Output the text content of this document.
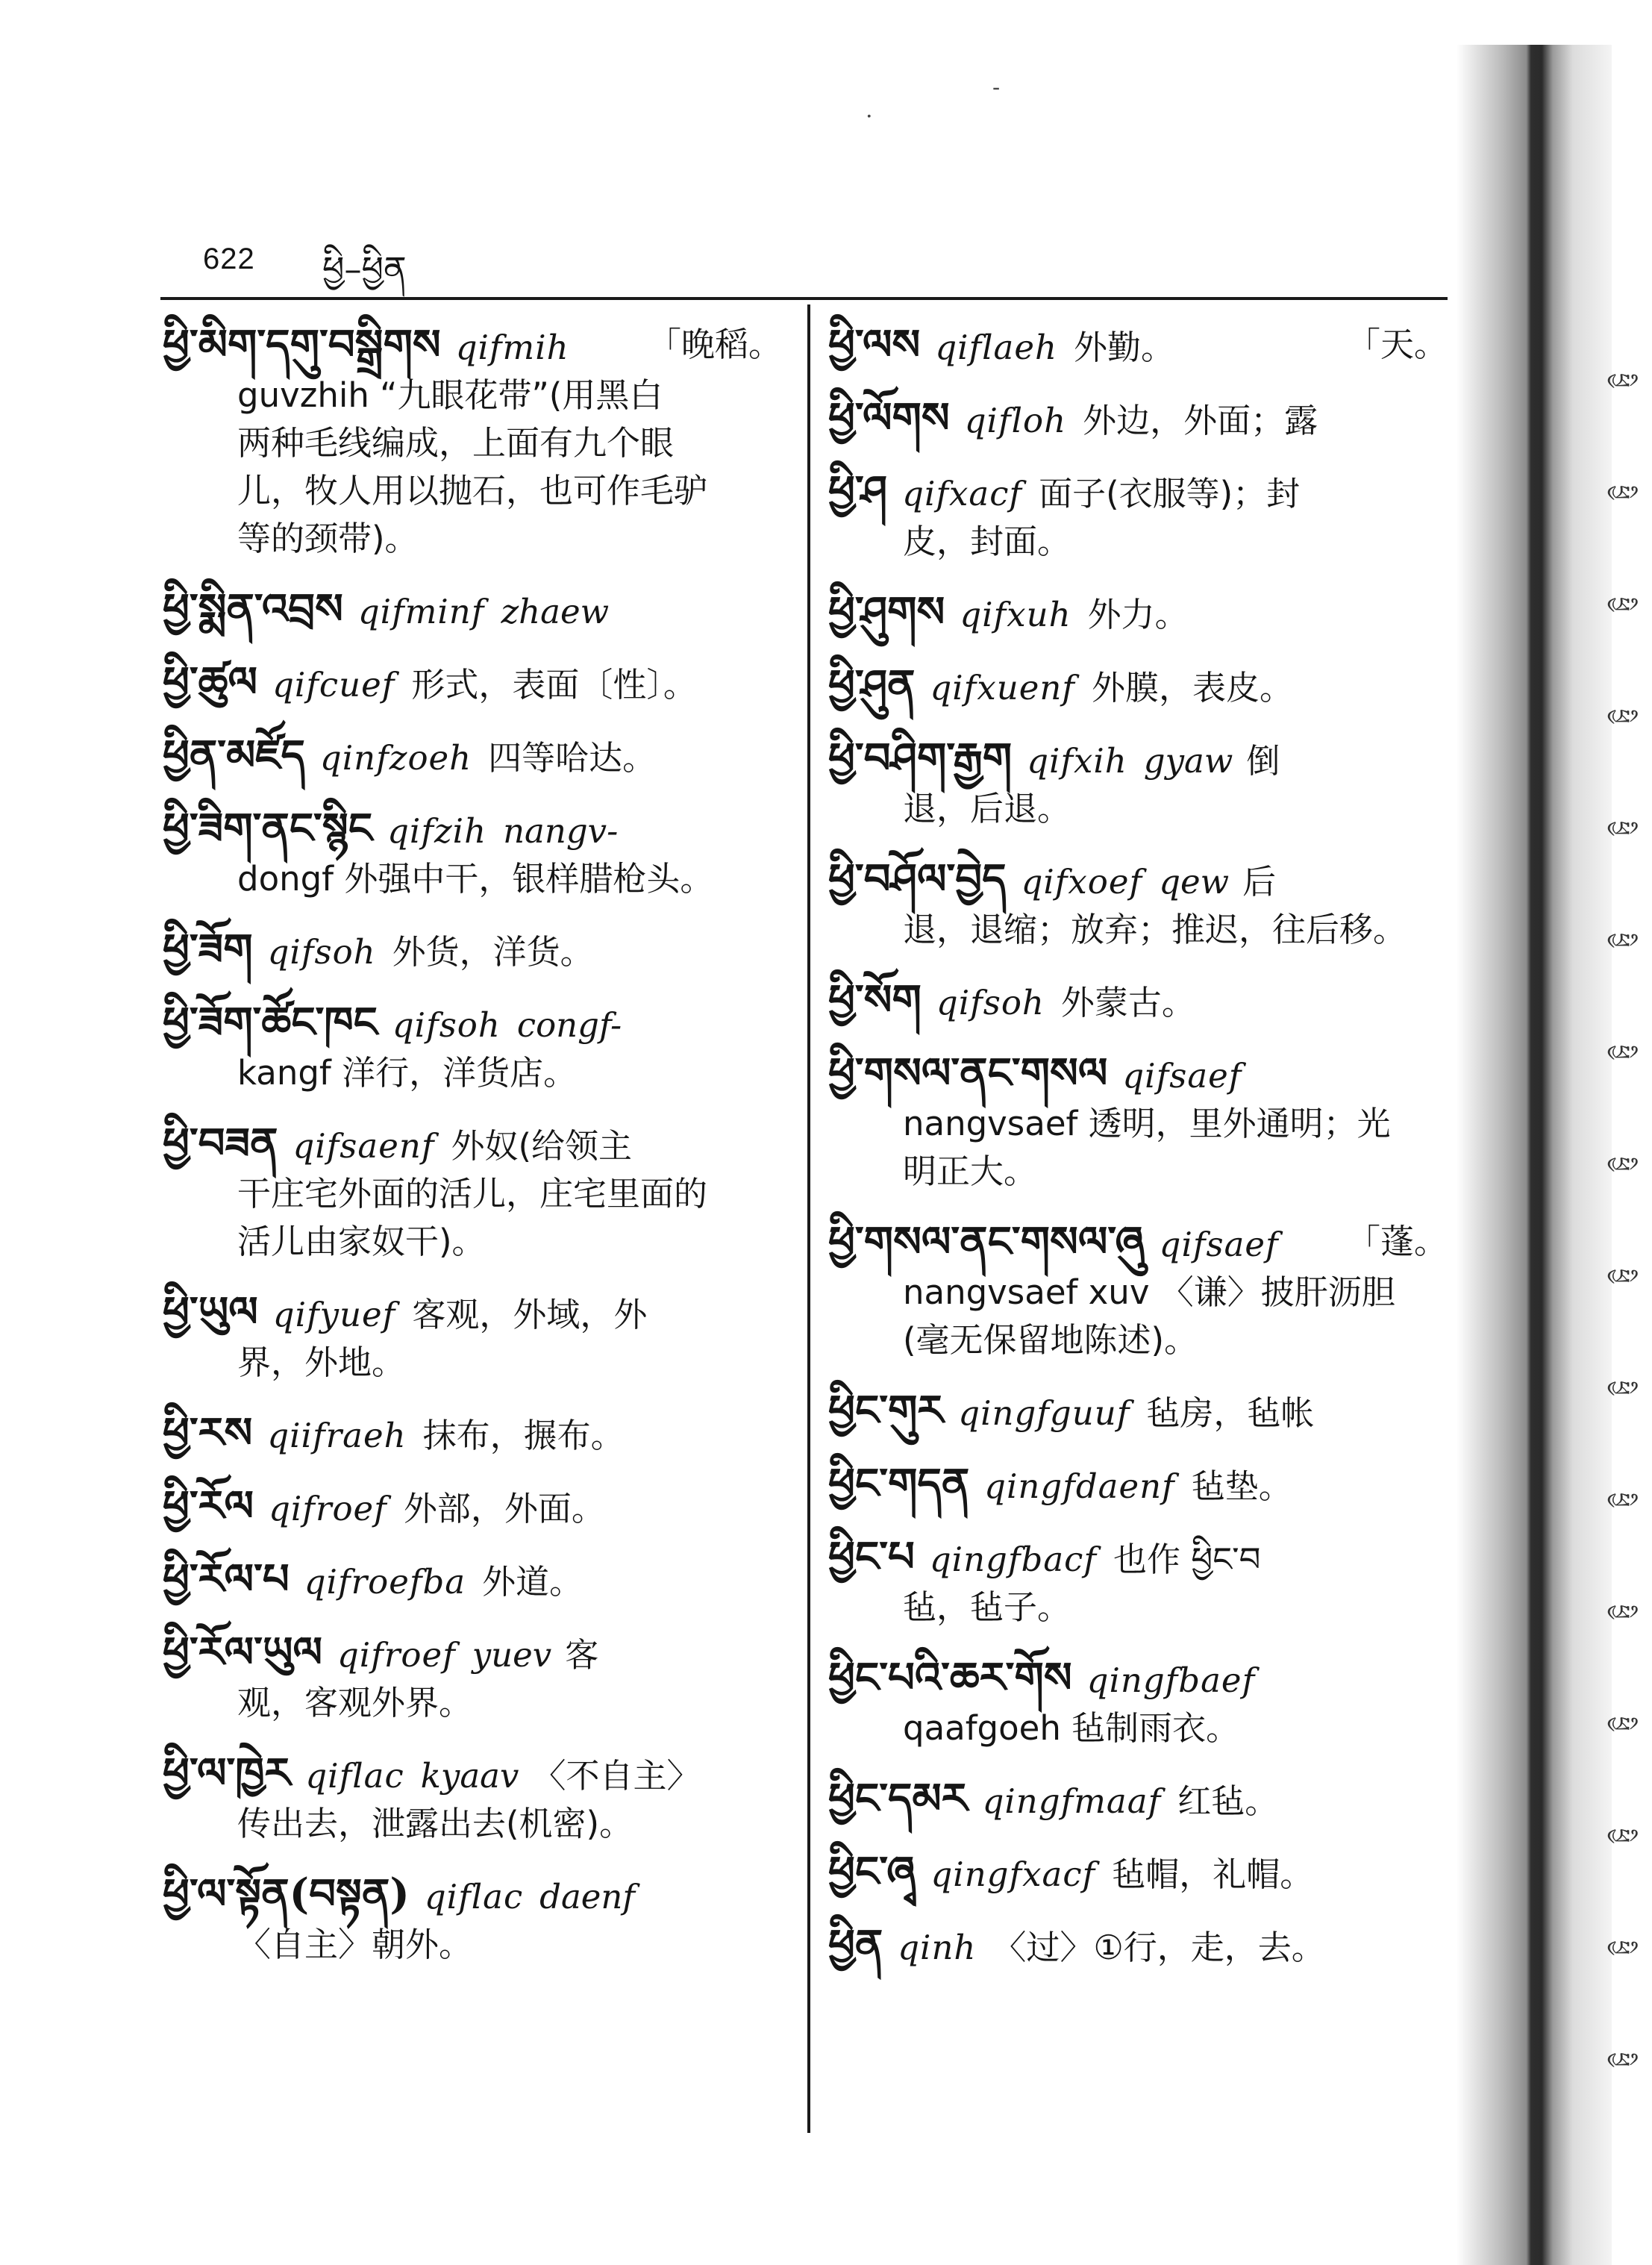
-
.
622 ཕྱི–ཕྱིན
「晚稻。
ཕྱི་མིག་དགུ་བསྒྲིགས qifmih
guvzhih “九眼花带”(用黑白
两种毛线编成，上面有九个眼
儿，牧人用以抛石，也可作毛驴
等的颈带)。
ཕྱི་སྨིན་འབྲས qifminf zhaew
ཕྱི་ཚུལ qifcuef 形式，表面〔性〕。
ཕྱིན་མཛོད qinfzoeh 四等哈达。
ཕྱི་ཟིག་ནང་སྙིང qifzih nangv-
dongf 外强中干，银样腊枪头。
ཕྱི་ཟོག qifsoh 外货，洋货。
ཕྱི་ཟོག་ཚོང་ཁང qifsoh congf-
kangf 洋行，洋货店。
ཕྱི་བཟན qifsaenf 外奴(给领主
干庄宅外面的活儿，庄宅里面的
活儿由家奴干)。
ཕྱི་ཡུལ qifyuef 客观，外域，外
界，外地。
ཕྱི་རས qiifraeh 抹布，搌布。
ཕྱི་རོལ qifroef 外部，外面。
ཕྱི་རོལ་པ qifroefba 外道。
ཕྱི་རོལ་ཡུལ qifroef yuev 客
观，客观外界。
ཕྱི་ལ་ཁྱེར qiflac kyaav 〈不自主〉
传出去，泄露出去(机密)。
ཕྱི་ལ་སྟོན(བསྟན) qiflac daenf
〈自主〉朝外。
「天。
ཕྱི་ལས qiflaeh 外勤。
ཕྱི་ལོགས qifloh 外边，外面；露
ཕྱི་ཤ qifxacf 面子(衣服等)；封
皮，封面。
ཕྱི་ཤུགས qifxuh 外力。
ཕྱི་ཤུན qifxuenf 外膜，表皮。
ཕྱི་བཤིག་རྒྱག qifxih gyaw 倒
退，后退。
ཕྱི་བཤོལ་བྱེད qifxoef qew 后
退，退缩；放弃；推迟，往后移。
ཕྱི་སོག qifsoh 外蒙古。
ཕྱི་གསལ་ནང་གསལ qifsaef
nangvsaef 透明，里外通明；光
明正大。
「蓬。
ཕྱི་གསལ་ནང་གསལ་ཞུ qifsaef
nangvsaef xuv 〈谦〉披肝沥胆
(毫无保留地陈述)。
ཕྱིང་གུར qingfguuf 毡房，毡帐
ཕྱིང་གདན qingfdaenf 毡垫。
ཕྱིང་པ qingfbacf 也作 ཕྱིང་བ
毡，毡子。
ཕྱིང་པའི་ཆར་གོས qingfbaef
qaafgoeh 毡制雨衣。
ཕྱིང་དམར qingfmaaf 红毡。
ཕྱིང་ཞྭ qingfxacf 毡帽，礼帽。
ཕྱིན qinh 〈过〉①行，走，去。
ཕྱི
ཕྱི
ཕྱི
ཕྱི
ཕྱི
ཕྱི
ཕྱི
ཕྱི
ཕྱི
ཕྱི
ཕྱི
ཕྱི
ཕྱི
ཕྱི
ཕྱི
ཕྱི
